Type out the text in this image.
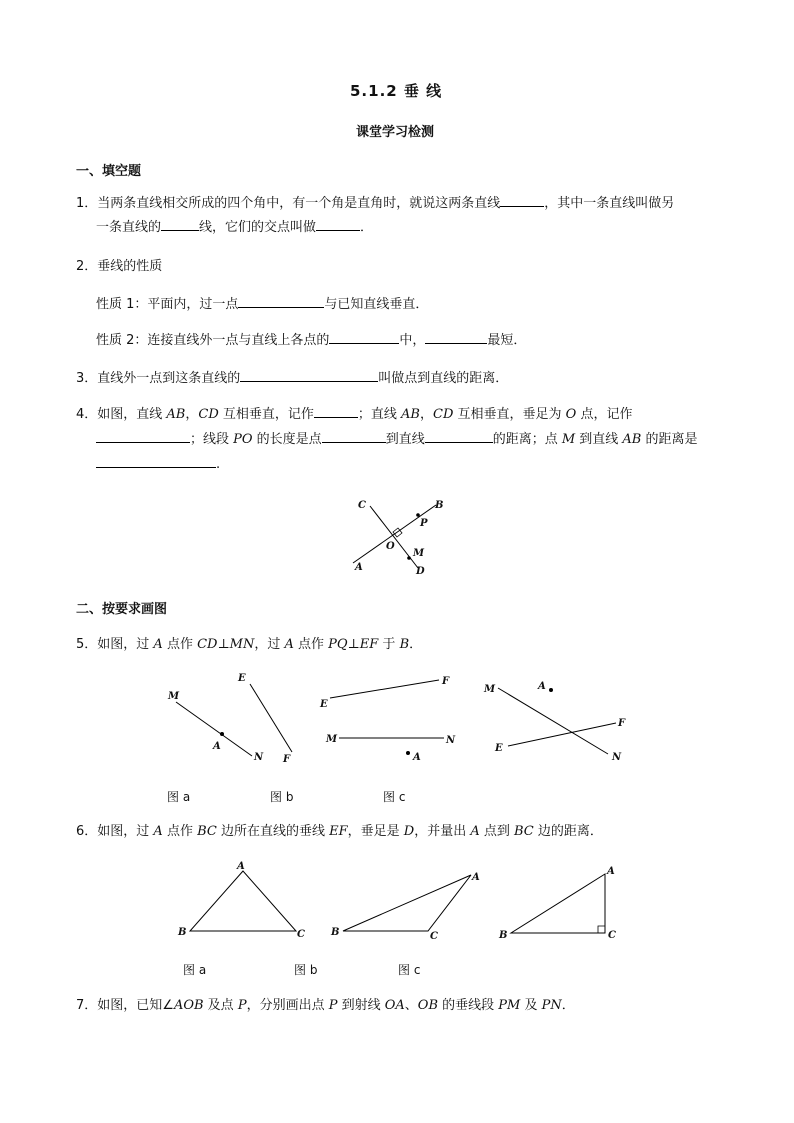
5.1.2 垂 线
课堂学习检测
一、填空题
1．当两条直线相交所成的四个角中，有一个角是直角时，就说这两条直线	，其中一条直线叫做另
一条直线的	线，它们的交点叫做	．
2．垂线的性质
性质 1：平面内，过一点	与已知直线垂直．
性质 2：连接直线外一点与直线上各点的	中，	最短．
3．直线外一点到这条直线的	叫做点到直线的距离．
4．如图，直线 AB，CD 互相垂直，记作	；直线 AB，CD 互相垂直，垂足为 O 点，记作
；线段 PO 的长度是点	到直线	的距离；点 M 到直线 AB 的距离是
.
C	B
P
O
M
A	D
二、按要求画图
5．如图，过 A 点作 CD⊥MN，过 A 点作 PQ⊥EF 于 B．
M
A
N
E
F
F
E
M	N
A
M	A
F
E
N
图 a	图 b	图 c
6．如图，过 A 点作 BC 边所在直线的垂线 EF，垂足是 D，并量出 A 点到 BC 边的距离．
A
B	C
A
B	C
A
B	C
图 a	图 b	图 c
7．如图，已知∠AOB 及点 P，分别画出点 P 到射线 OA、OB 的垂线段 PM 及 PN．
